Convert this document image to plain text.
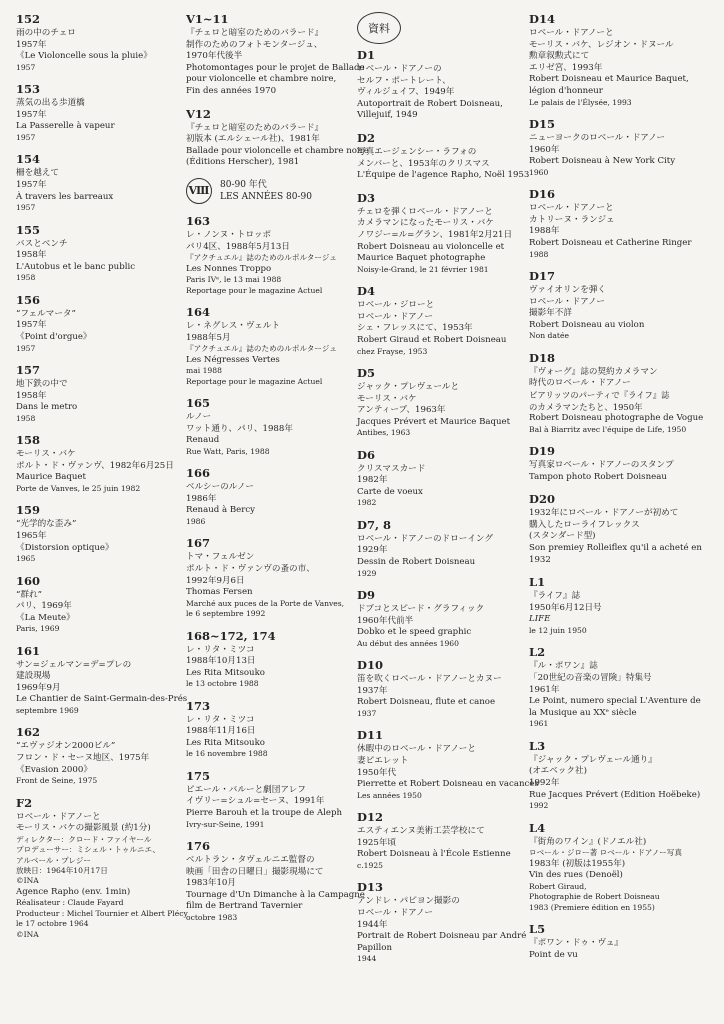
152
雨の中のチェロ
1957年
《Le Violoncelle sous la pluie》
1957
153
蒸気の出る歩道橋
1957年
La Passerelle à vapeur
1957
154
柵を越えて
1957年
À travers les barreaux
1957
155
バスとベンチ
1958年
L'Autobus et le banc public
1958
156
“フェルマータ”
1957年
《Point d'orgue》
1957
157
地下鉄の中で
1958年
Dans le metro
1958
158
モーリス・バケ
ポルト・ド・ヴァンヴ、1982年6月25日
Maurice Baquet
Porte de Vanves, le 25 juin 1982
159
“光学的な歪み”
1965年
《Distorsion optique》
1965
160
“群れ”
パリ、1969年
《La Meute》
Paris, 1969
161
サン=ジェルマン=デ=プレの
建設現場
1969年9月
Le Chantier de Saint-Germain-des-Prés
septembre 1969
162
“エヴァジオン2000ビル”
フロン・ド・セーヌ地区、1975年
《Evasion 2000》
Front de Seine, 1975
F2
ロベール・ドアノーと
モーリス・バケの撮影風景 (約1分)
ディレクター：クロード・ファイヤール
プロデューサー：ミシェル・トゥルニエ、
アルベール・プレジー
放映日：1964年10月17日
©INA
Agence Rapho (env. 1min)
Réalisateur : Claude Fayard
Producteur : Michel Tournier et Albert Plécy
le 17 octobre 1964
©INA
V1~11
『チェロと暗室のためのバラード』
制作のためのフォトモンタージュ、
1970年代後半
Photomontages pour le projet de Ballade
pour violoncelle et chambre noire,
Fin des années 1970
V12
『チェロと暗室のためのバラード』
初版本 (エルシェール社)、1981年
Ballade pour violoncelle et chambre noire
(Éditions Herscher), 1981
Ⅷ 80-90 年代
LES ANNÉES 80-90
163
レ・ノンヌ・トロッポ
パリ4区、1988年5月13日
『アクチュエル』誌のためのルポルタージュ
Les Nonnes Troppo
Paris IVᵉ, le 13 mai 1988
Reportage pour le magazine Actuel
164
レ・ネグレス・ヴェルト
1988年5月
『アクチュエル』誌のためのルポルタージュ
Les Négresses Vertes
mai 1988
Reportage pour le magazine Actuel
165
ルノー
ワット通り、パリ、1988年
Renaud
Rue Watt, Paris, 1988
166
ベルシーのルノー
1986年
Renaud à Bercy
1986
167
トマ・フェルゼン
ポルト・ド・ヴァンヴの蚤の市、
1992年9月6日
Thomas Fersen
Marché aux puces de la Porte de Vanves,
le 6 septembre 1992
168~172, 174
レ・リタ・ミツコ
1988年10月13日
Les Rita Mitsouko
le 13 octobre 1988
173
レ・リタ・ミツコ
1988年11月16日
Les Rita Mitsouko
le 16 novembre 1988
175
ピエール・バルーと劇団アレフ
イヴリー=シュル=セーヌ、1991年
Pierre Barouh et la troupe de Aleph
Ivry-sur-Seine, 1991
176
ベルトラン・タヴェルニエ監督の
映画「田舎の日曜日」撮影現場にて
1983年10月
Tournage d'Un Dimanche à la Campagne
film de Bertrand Tavernier
octobre 1983
資料
D1
ロベール・ドアノーの
セルフ・ポートレート、
ヴィルジュイフ、1949年
Autoportrait de Robert Doisneau,
Villejuif, 1949
D2
写真エージェンシー・ラフォの
メンバーと、1953年のクリスマス
L'Équipe de l'agence Rapho, Noël 1953
D3
チェロを弾くロベール・ドアノーと
カメラマンになったモーリス・バケ
ノワジー=ル=グラン、1981年2月21日
Robert Doisneau au violoncelle et
Maurice Baquet photographe
Noisy-le-Grand, le 21 février 1981
D4
ロベール・ジローと
ロベール・ドアノー
シェ・フレッスにて、1953年
Robert Giraud et Robert Doisneau
chez Frayse, 1953
D5
ジャック・プレヴェールと
モーリス・バケ
アンティーブ、1963年
Jacques Prévert et Maurice Baquet
Antibes, 1963
D6
クリスマスカード
1982年
Carte de voeux
1982
D7, 8
ロベール・ドアノーのドローイング
1929年
Dessin de Robert Doisneau
1929
D9
ドブコとスピード・グラフィック
1960年代前半
Dobko et le speed graphic
Au début des années 1960
D10
笛を吹くロベール・ドアノーとカヌー
1937年
Robert Doisneau, flute et canoe
1937
D11
休暇中のロベール・ドアノーと
妻ピエレット
1950年代
Pierrette et Robert Doisneau en vacances
Les années 1950
D12
エスティエンヌ美術工芸学校にて
1925年頃
Robert Doisneau à l'École Estienne
c.1925
D13
アンドレ・パピヨン撮影の
ロベール・ドアノー
1944年
Portrait de Robert Doisneau par André
Papillon
1944
D14
ロベール・ドアノーと
モーリス・バケ、レジオン・ドヌール
勲章叙勲式にて
エリゼ宮、1993年
Robert Doisneau et Maurice Baquet,
légion d'honneur
Le palais de l'Élysée, 1993
D15
ニューヨークのロベール・ドアノー
1960年
Robert Doisneau à New York City
1960
D16
ロベール・ドアノーと
カトリーヌ・ランジェ
1988年
Robert Doisneau et Catherine Ringer
1988
D17
ヴァイオリンを弾く
ロベール・ドアノー
撮影年不詳
Robert Doisneau au violon
Non datée
D18
『ヴォーグ』誌の契約カメラマン
時代のロベール・ドアノー
ビアリッツのパーティで『ライフ』誌
のカメラマンたちと、1950年
Robert Doisneau photographe de Vogue
Bal à Biarritz avec l'équipe de Life, 1950
D19
写真家ロベール・ドアノーのスタンプ
Tampon photo Robert Doisneau
D20
1932年にロベール・ドアノーが初めて
購入したローライフレックス
(スタンダード型)
Son premiey Rolleiflex qu'il a acheté en
1932
L1
『ライフ』誌
1950年6月12日号
LIFE
le 12 juin 1950
L2
『ル・ポワン』誌
「20世紀の音楽の冒険」特集号
1961年
Le Point, numero special L'Aventure de
la Musique au ⅩⅩᵉ siècle
1961
L3
『ジャック・プレヴェール通り』
(オエベック社)
1992年
Rue Jacques Prévert (Edition Hoëbeke)
1992
L4
『街角のワイン』(ドノエル社)
ロベール・ジロー著 ロベール・ドアノー写真
1983年 (初版は1955年)
Vin des rues (Denoël)
Robert Giraud,
Photographie de Robert Doisneau
1983 (Premiere édition en 1955)
L5
『ポワン・ドゥ・ヴュ』
Point de vu
